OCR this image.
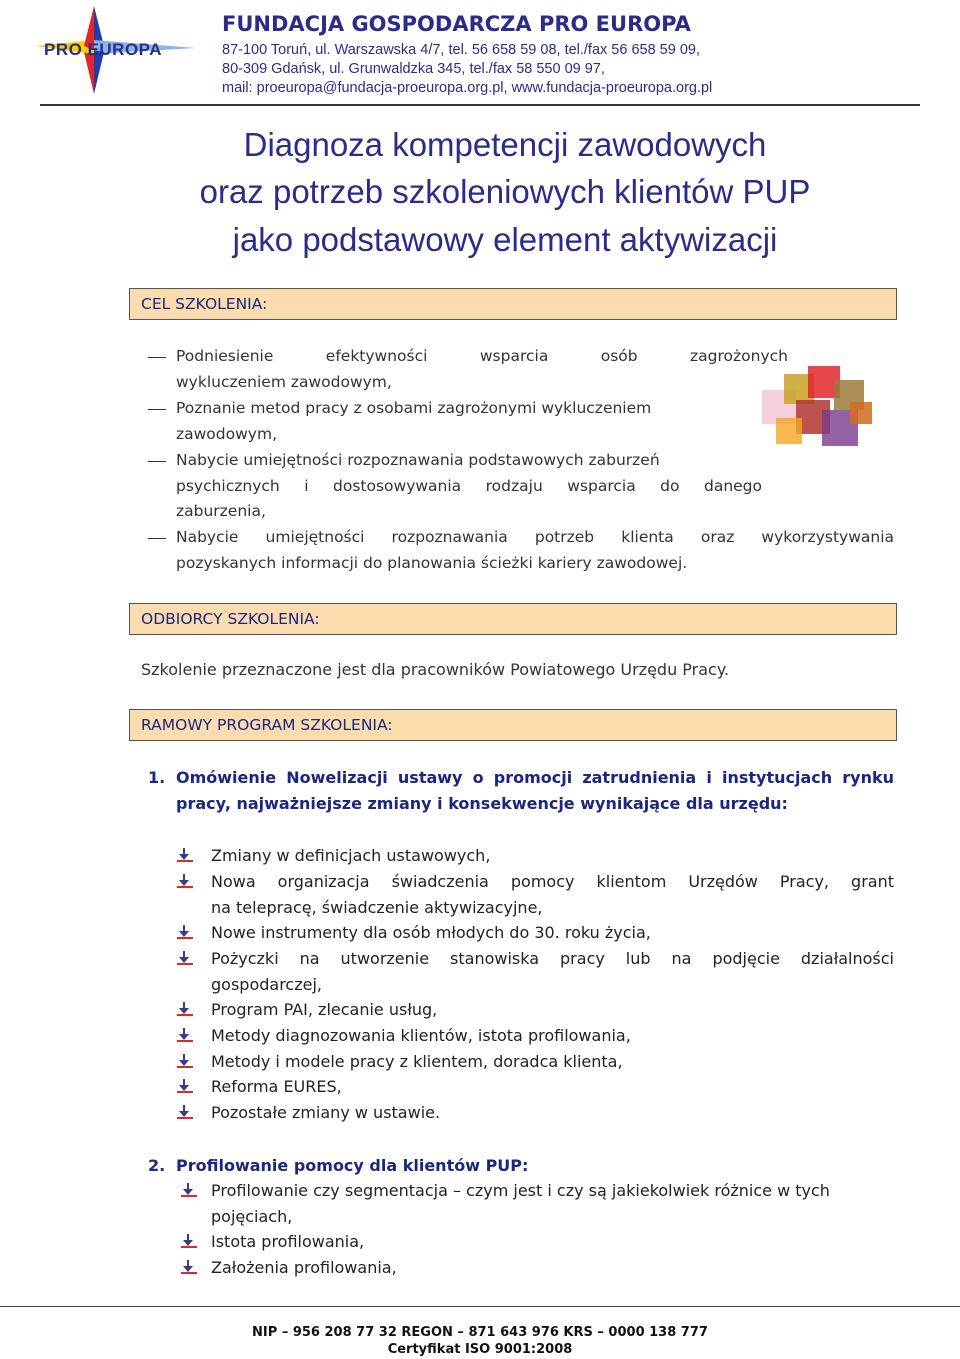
PRO EUROPA
FUNDACJA GOSPODARCZA PRO EUROPA
87-100 Toruń, ul. Warszawska 4/7, tel. 56 658 59 08, tel./fax 56 658 59 09,
80-309 Gdańsk, ul. Grunwaldzka 345, tel./fax 58 550 09 97,
mail: proeuropa@fundacja-proeuropa.org.pl, www.fundacja-proeuropa.org.pl
Diagnoza kompetencji zawodowych
oraz potrzeb szkoleniowych klientów PUP
jako podstawowy element aktywizacji
CEL SZKOLENIA:
Podniesienie efektywności wsparcia osób zagrożonych
wykluczeniem zawodowym,
Poznanie metod pracy z osobami zagrożonymi wykluczeniem
zawodowym,
Nabycie umiejętności rozpoznawania podstawowych zaburzeń
psychicznych i dostosowywania rodzaju wsparcia do danego
zaburzenia,
Nabycie umiejętności rozpoznawania potrzeb klienta oraz wykorzystywania
pozyskanych informacji do planowania ścieżki kariery zawodowej.
ODBIORCY SZKOLENIA:
Szkolenie przeznaczone jest dla pracowników Powiatowego Urzędu Pracy.
RAMOWY PROGRAM SZKOLENIA:
1. Omówienie Nowelizacji ustawy o promocji zatrudnienia i instytucjach rynku
pracy, najważniejsze zmiany i konsekwencje wynikające dla urzędu:
Zmiany w definicjach ustawowych,
Nowa organizacja świadczenia pomocy klientom Urzędów Pracy, grant
na telepracę, świadczenie aktywizacyjne,
Nowe instrumenty dla osób młodych do 30. roku życia,
Pożyczki na utworzenie stanowiska pracy lub na podjęcie działalności
gospodarczej,
Program PAI, zlecanie usług,
Metody diagnozowania klientów, istota profilowania,
Metody i modele pracy z klientem, doradca klienta,
Reforma EURES,
Pozostałe zmiany w ustawie.
2. Profilowanie pomocy dla klientów PUP:
Profilowanie czy segmentacja – czym jest i czy są jakiekolwiek różnice w tych
pojęciach,
Istota profilowania,
Założenia profilowania,
NIP – 956 208 77 32 REGON – 871 643 976 KRS – 0000 138 777
Certyfikat ISO 9001:2008
